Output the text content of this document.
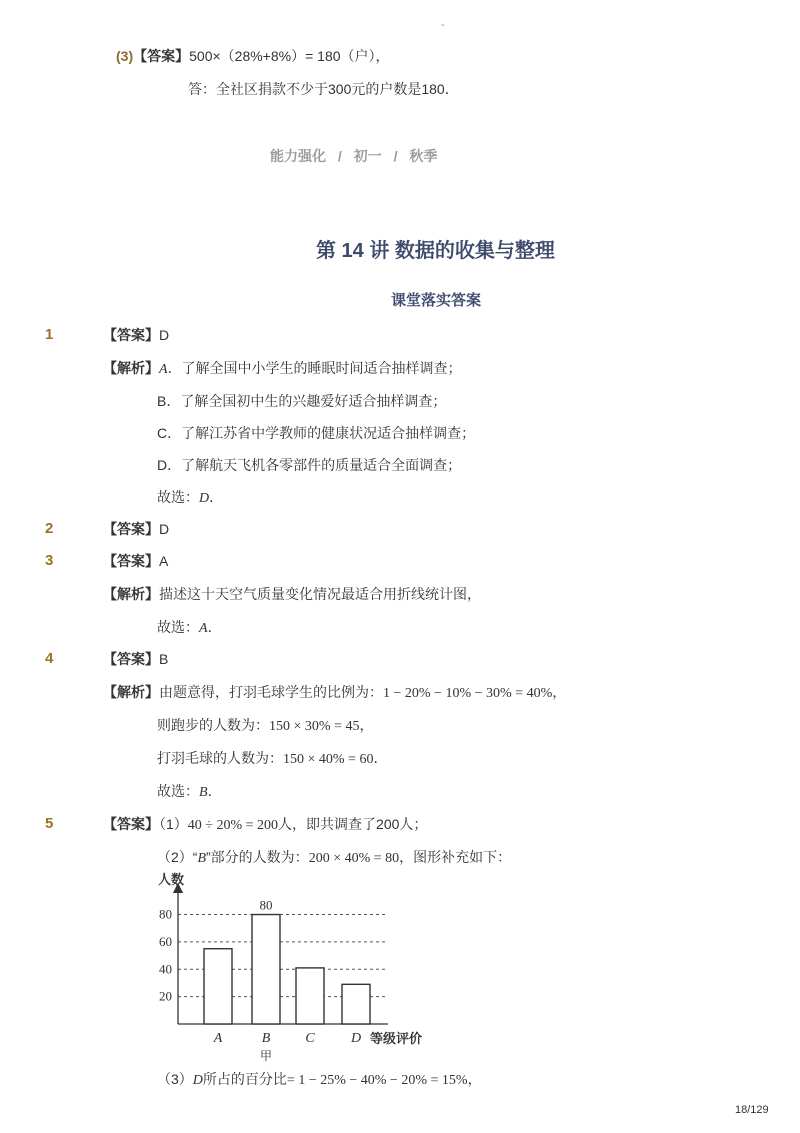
-
(3)【答案】500×（28%+8%）= 180（户），
答：全社区捐款不少于300元的户数是180．
能力强化 / 初一 / 秋季
第 14 讲 数据的收集与整理
课堂落实答案
1	【答案】D
【解析】A．了解全国中小学生的睡眠时间适合抽样调查；
B．了解全国初中生的兴趣爱好适合抽样调查；
C．了解江苏省中学教师的健康状况适合抽样调查；
D．了解航天飞机各零部件的质量适合全面调查；
故选：D．
2	【答案】D
3	【答案】A
【解析】描述这十天空气质量变化情况最适合用折线统计图，
故选：A．
4	【答案】B
【解析】由题意得，打羽毛球学生的比例为：1 − 20% − 10% − 30% = 40%，
则跑步的人数为：150 × 30% = 45，
打羽毛球的人数为：150 × 40% = 60．
故选：B．
5	【答案】（1）40 ÷ 20% = 200人，即共调查了200人；
（2）“B”部分的人数为：200 × 40% = 80，图形补充如下：
人数
等级评价
20
40
60
80
80
A	B	C	D
甲
（3）D所占的百分比= 1 − 25% − 40% − 20% = 15%，
18/129
